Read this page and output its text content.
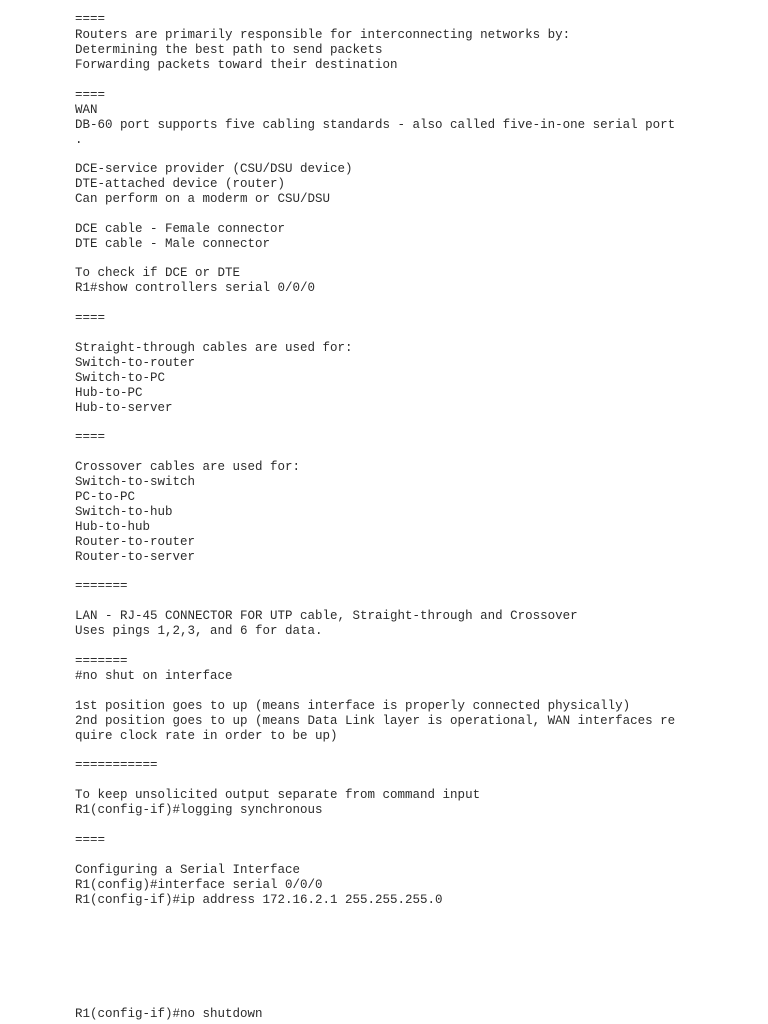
====
Routers are primarily responsible for interconnecting networks by:
Determining the best path to send packets
Forwarding packets toward their destination
====
WAN
DB-60 port supports five cabling standards - also called five-in-one serial port
.
DCE-service provider (CSU/DSU device)
DTE-attached device (router)
Can perform on a moderm or CSU/DSU
DCE cable - Female connector
DTE cable - Male connector
To check if DCE or DTE
R1#show controllers serial 0/0/0
====
Straight-through cables are used for:
Switch-to-router
Switch-to-PC
Hub-to-PC
Hub-to-server
====
Crossover cables are used for:
Switch-to-switch
PC-to-PC
Switch-to-hub
Hub-to-hub
Router-to-router
Router-to-server
=======
LAN - RJ-45 CONNECTOR FOR UTP cable, Straight-through and Crossover
Uses pings 1,2,3, and 6 for data.
=======
#no shut on interface
1st position goes to up (means interface is properly connected physically)
2nd position goes to up (means Data Link layer is operational, WAN interfaces re
quire clock rate in order to be up)
===========
To keep unsolicited output separate from command input
R1(config-if)#logging synchronous
====
Configuring a Serial Interface
R1(config)#interface serial 0/0/0
R1(config-if)#ip address 172.16.2.1 255.255.255.0
R1(config-if)#no shutdown
